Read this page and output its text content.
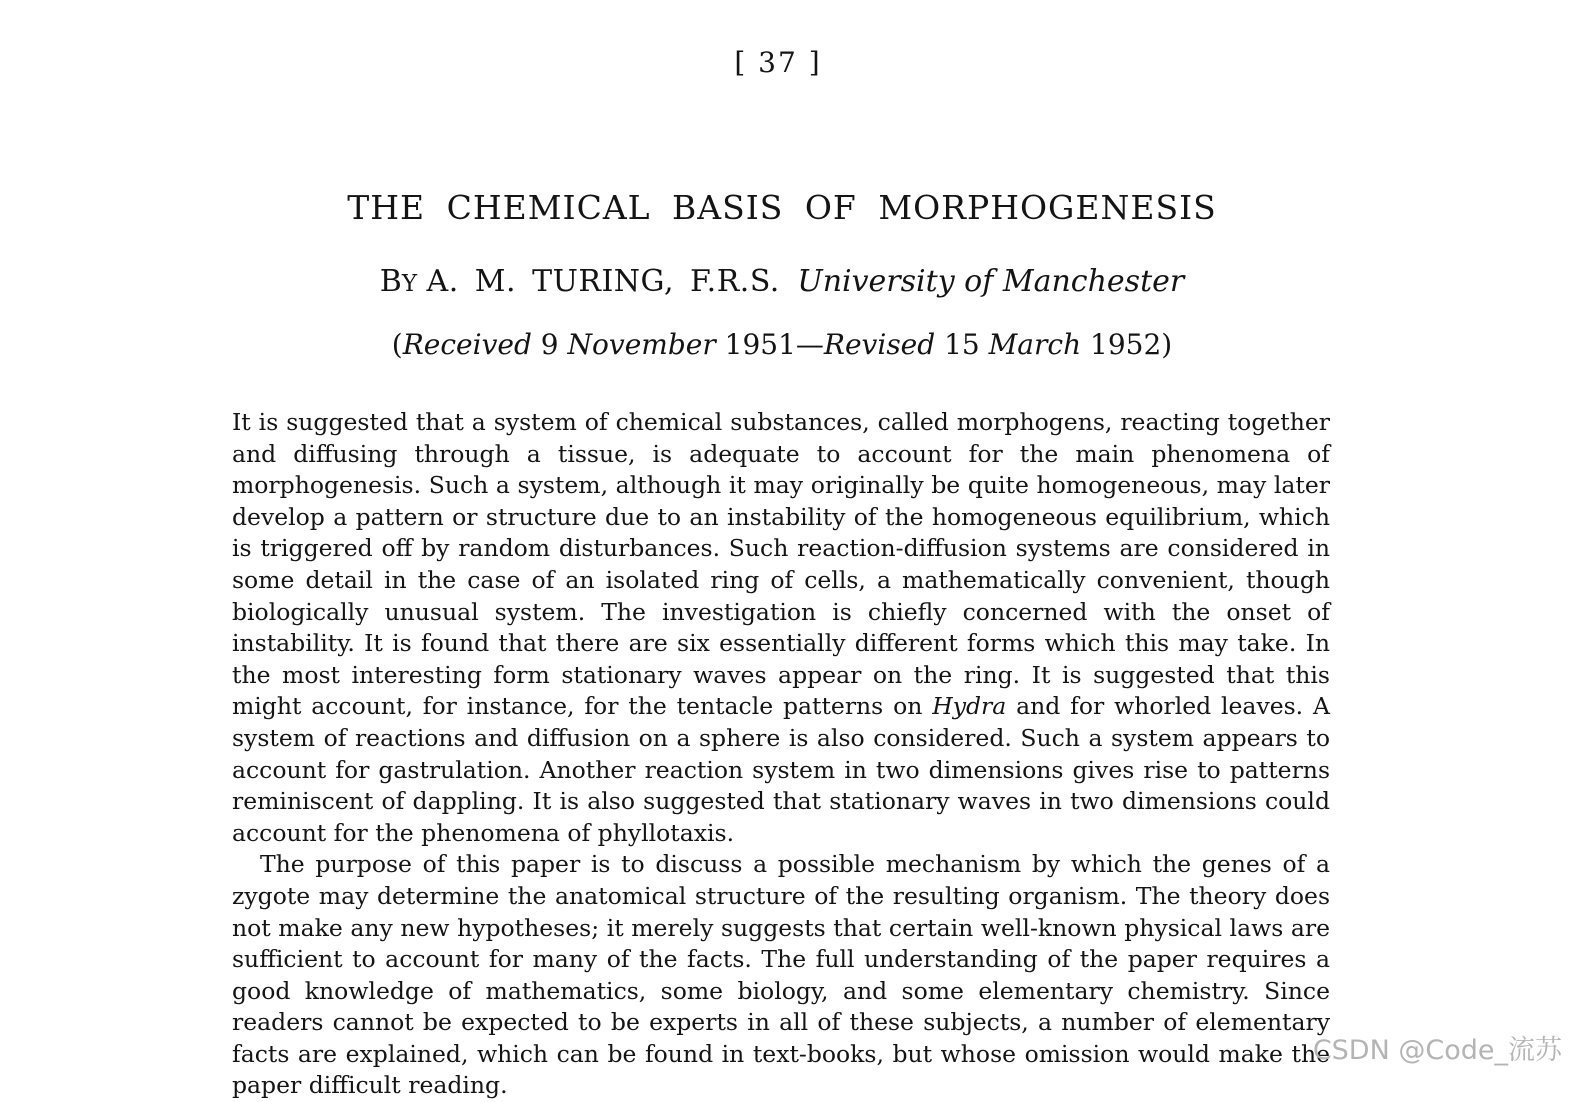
[ 37 ]
THE CHEMICAL BASIS OF MORPHOGENESIS
BY A. M. TURING, F.R.S. University of Manchester
(Received 9 November 1951—Revised 15 March 1952)

It is suggested that a system of chemical substances, called morphogens, reacting together and diffusing through a tissue, is adequate to account for the main phenomena of morphogenesis. Such a system, although it may originally be quite homogeneous, may later develop a pattern or structure due to an instability of the homogeneous equilibrium, which is triggered off by random disturbances. Such reaction-diffusion systems are considered in some detail in the case of an isolated ring of cells, a mathematically convenient, though biologically unusual system. The investigation is chiefly concerned with the onset of instability. It is found that there are six essentially different forms which this may take. In the most interesting form stationary waves appear on the ring. It is suggested that this might account, for instance, for the tentacle patterns on Hydra and for whorled leaves. A system of reactions and diffusion on a sphere is also considered. Such a system appears to account for gastrulation. Another reaction system in two dimensions gives rise to patterns reminiscent of dappling. It is also suggested that stationary waves in two dimensions could account for the phenomena of phyllotaxis.

The purpose of this paper is to discuss a possible mechanism by which the genes of a zygote may determine the anatomical structure of the resulting organism. The theory does not make any new hypotheses; it merely suggests that certain well-known physical laws are sufficient to account for many of the facts. The full understanding of the paper requires a good knowledge of mathematics, some biology, and some elementary chemistry. Since readers cannot be expected to be experts in all of these subjects, a number of elementary facts are explained, which can be found in text-books, but whose omission would make the paper difficult reading.

CSDN @Code_流苏
